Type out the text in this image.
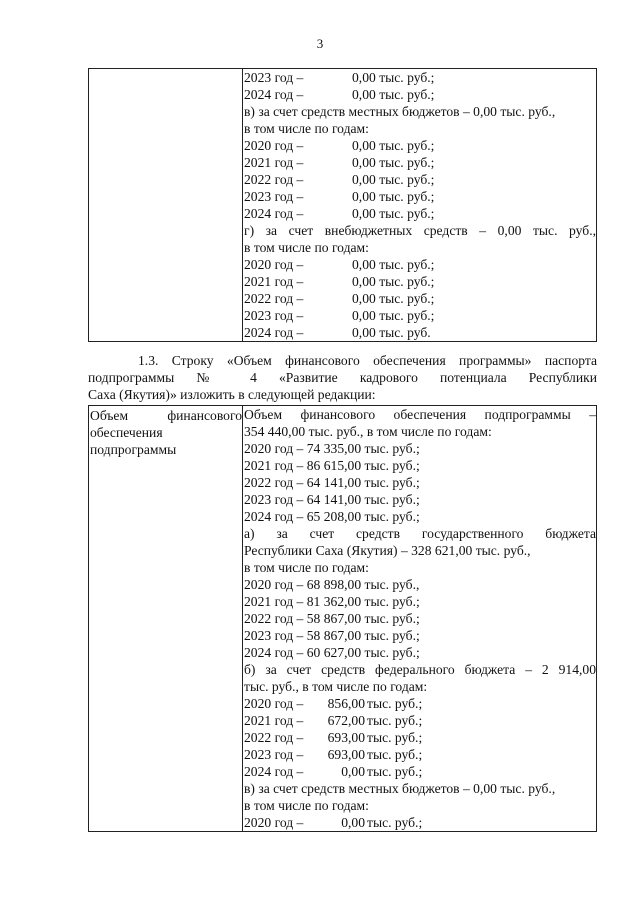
3

2023 год –	0,00 тыс. руб.;
2024 год –	0,00 тыс. руб.;
в) за счет средств местных бюджетов – 0,00 тыс. руб.,
в том числе по годам:
2020 год –	0,00 тыс. руб.;
2021 год –	0,00 тыс. руб.;
2022 год –	0,00 тыс. руб.;
2023 год –	0,00 тыс. руб.;
2024 год –	0,00 тыс. руб.;
г) за счет внебюджетных средств – 0,00 тыс. руб.,
в том числе по годам:
2020 год –	0,00 тыс. руб.;
2021 год –	0,00 тыс. руб.;
2022 год –	0,00 тыс. руб.;
2023 год –	0,00 тыс. руб.;
2024 год –	0,00 тыс. руб.
1.3. Строку «Объем финансового обеспечения программы» паспорта
подпрограммы № 4 «Развитие кадрового потенциала Республики
Саха (Якутия)» изложить в следующей редакции:
Объем финансового
обеспечения
подпрограммы

Объем финансового обеспечения подпрограммы –
354 440,00 тыс. руб., в том числе по годам:
2020 год – 74 335,00 тыс. руб.;
2021 год – 86 615,00 тыс. руб.;
2022 год – 64 141,00 тыс. руб.;
2023 год – 64 141,00 тыс. руб.;
2024 год – 65 208,00 тыс. руб.;
а) за счет средств государственного бюджета
Республики Саха (Якутия) – 328 621,00 тыс. руб.,
в том числе по годам:
2020 год – 68 898,00 тыс. руб.,
2021 год – 81 362,00 тыс. руб.;
2022 год – 58 867,00 тыс. руб.;
2023 год – 58 867,00 тыс. руб.;
2024 год – 60 627,00 тыс. руб.;
б) за счет средств федерального бюджета – 2 914,00
тыс. руб., в том числе по годам:
2020 год – 856,00 тыс. руб.;
2021 год – 672,00 тыс. руб.;
2022 год – 693,00 тыс. руб.;
2023 год – 693,00 тыс. руб.;
2024 год –	0,00 тыс. руб.;
в) за счет средств местных бюджетов – 0,00 тыс. руб.,
в том числе по годам:
2020 год –	0,00 тыс. руб.;
